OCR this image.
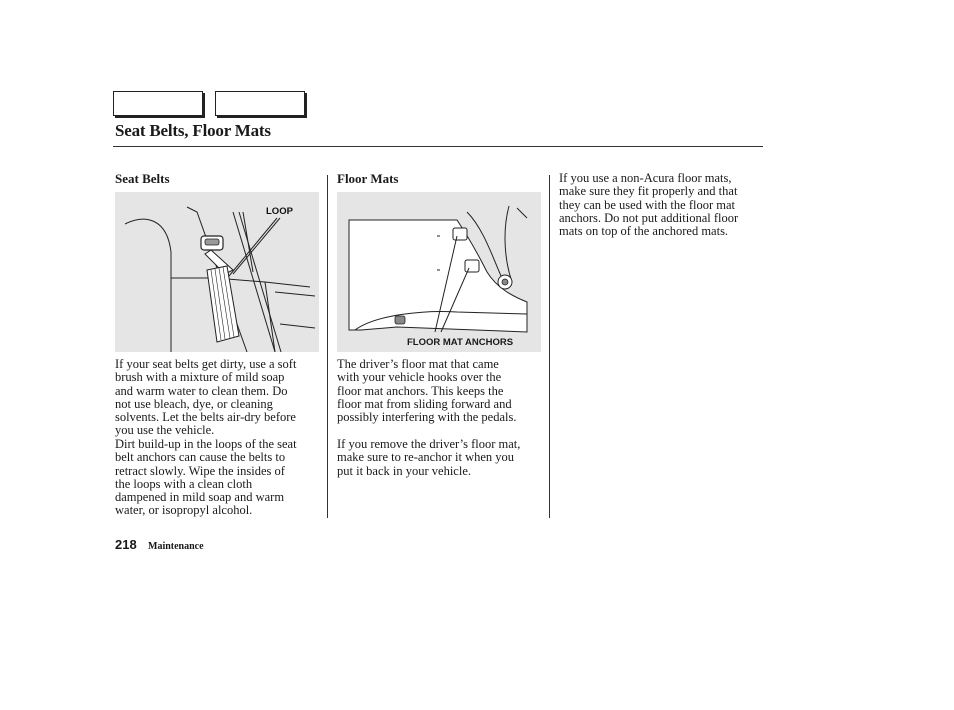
Seat Belts, Floor Mats
Seat Belts
LOOP
If your seat belts get dirty, use a soft
brush with a mixture of mild soap
and warm water to clean them. Do
not use bleach, dye, or cleaning
solvents. Let the belts air-dry before
you use the vehicle.
Dirt build-up in the loops of the seat
belt anchors can cause the belts to
retract slowly. Wipe the insides of
the loops with a clean cloth
dampened in mild soap and warm
water, or isopropyl alcohol.
Floor Mats
FLOOR MAT ANCHORS
The driver’s floor mat that came
with your vehicle hooks over the
floor mat anchors. This keeps the
floor mat from sliding forward and
possibly interfering with the pedals.
If you remove the driver’s floor mat,
make sure to re-anchor it when you
put it back in your vehicle.
If you use a non-Acura floor mats,
make sure they fit properly and that
they can be used with the floor mat
anchors. Do not put additional floor
mats on top of the anchored mats.
218 Maintenance
